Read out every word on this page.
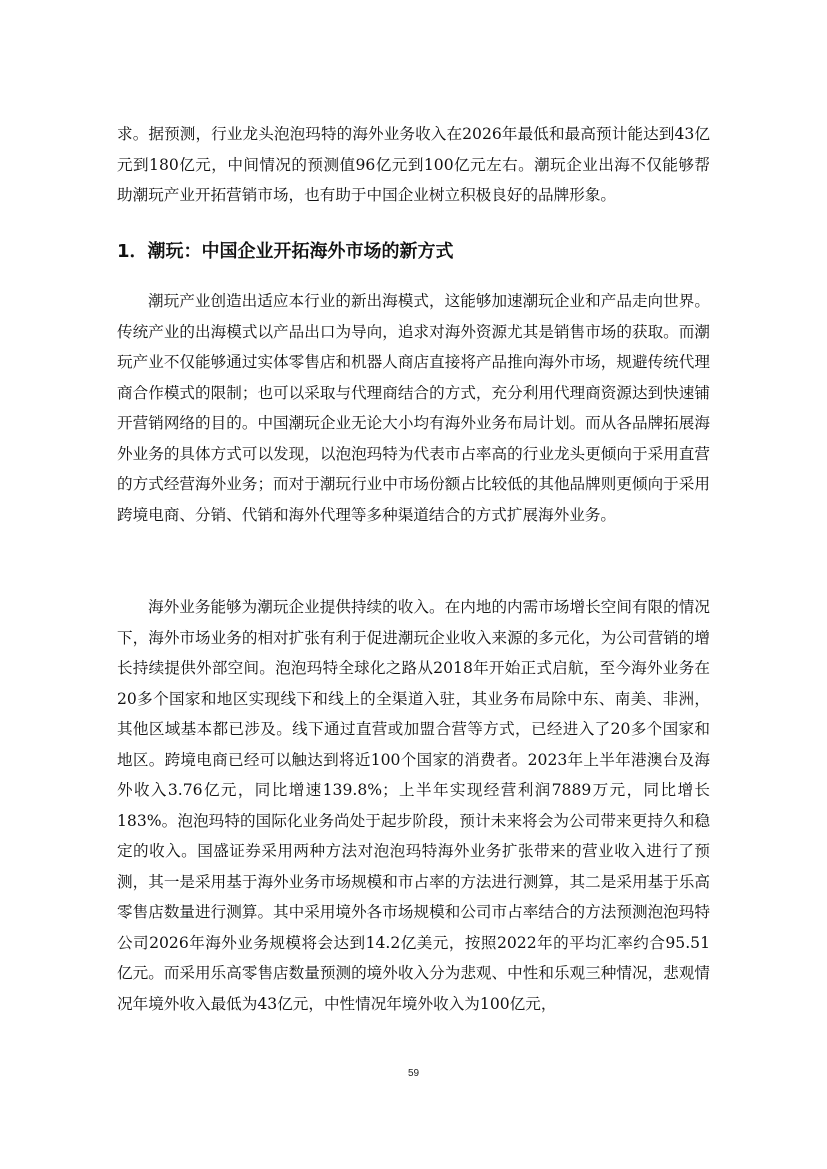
求。据预测，行业龙头泡泡玛特的海外业务收入在2026年最低和最高预计能达到43亿元到180亿元，中间情况的预测值96亿元到100亿元左右。潮玩企业出海不仅能够帮助潮玩产业开拓营销市场，也有助于中国企业树立积极良好的品牌形象。

1．潮玩：中国企业开拓海外市场的新方式

潮玩产业创造出适应本行业的新出海模式，这能够加速潮玩企业和产品走向世界。传统产业的出海模式以产品出口为导向，追求对海外资源尤其是销售市场的获取。而潮玩产业不仅能够通过实体零售店和机器人商店直接将产品推向海外市场，规避传统代理商合作模式的限制；也可以采取与代理商结合的方式，充分利用代理商资源达到快速铺开营销网络的目的。中国潮玩企业无论大小均有海外业务布局计划。而从各品牌拓展海外业务的具体方式可以发现，以泡泡玛特为代表市占率高的行业龙头更倾向于采用直营的方式经营海外业务；而对于潮玩行业中市场份额占比较低的其他品牌则更倾向于采用跨境电商、分销、代销和海外代理等多种渠道结合的方式扩展海外业务。

海外业务能够为潮玩企业提供持续的收入。在内地的内需市场增长空间有限的情况下，海外市场业务的相对扩张有利于促进潮玩企业收入来源的多元化，为公司营销的增长持续提供外部空间。泡泡玛特全球化之路从2018年开始正式启航，至今海外业务在20多个国家和地区实现线下和线上的全渠道入驻，其业务布局除中东、南美、非洲，其他区域基本都已涉及。线下通过直营或加盟合营等方式，已经进入了20多个国家和地区。跨境电商已经可以触达到将近100个国家的消费者。2023年上半年港澳台及海外收入3.76亿元，同比增速139.8%；上半年实现经营利润7889万元，同比增长183%。泡泡玛特的国际化业务尚处于起步阶段，预计未来将会为公司带来更持久和稳定的收入。国盛证券采用两种方法对泡泡玛特海外业务扩张带来的营业收入进行了预测，其一是采用基于海外业务市场规模和市占率的方法进行测算，其二是采用基于乐高零售店数量进行测算。其中采用境外各市场规模和公司市占率结合的方法预测泡泡玛特公司2026年海外业务规模将会达到14.2亿美元，按照2022年的平均汇率约合95.51亿元。而采用乐高零售店数量预测的境外收入分为悲观、中性和乐观三种情况，悲观情况年境外收入最低为43亿元，中性情况年境外收入为100亿元，

59
